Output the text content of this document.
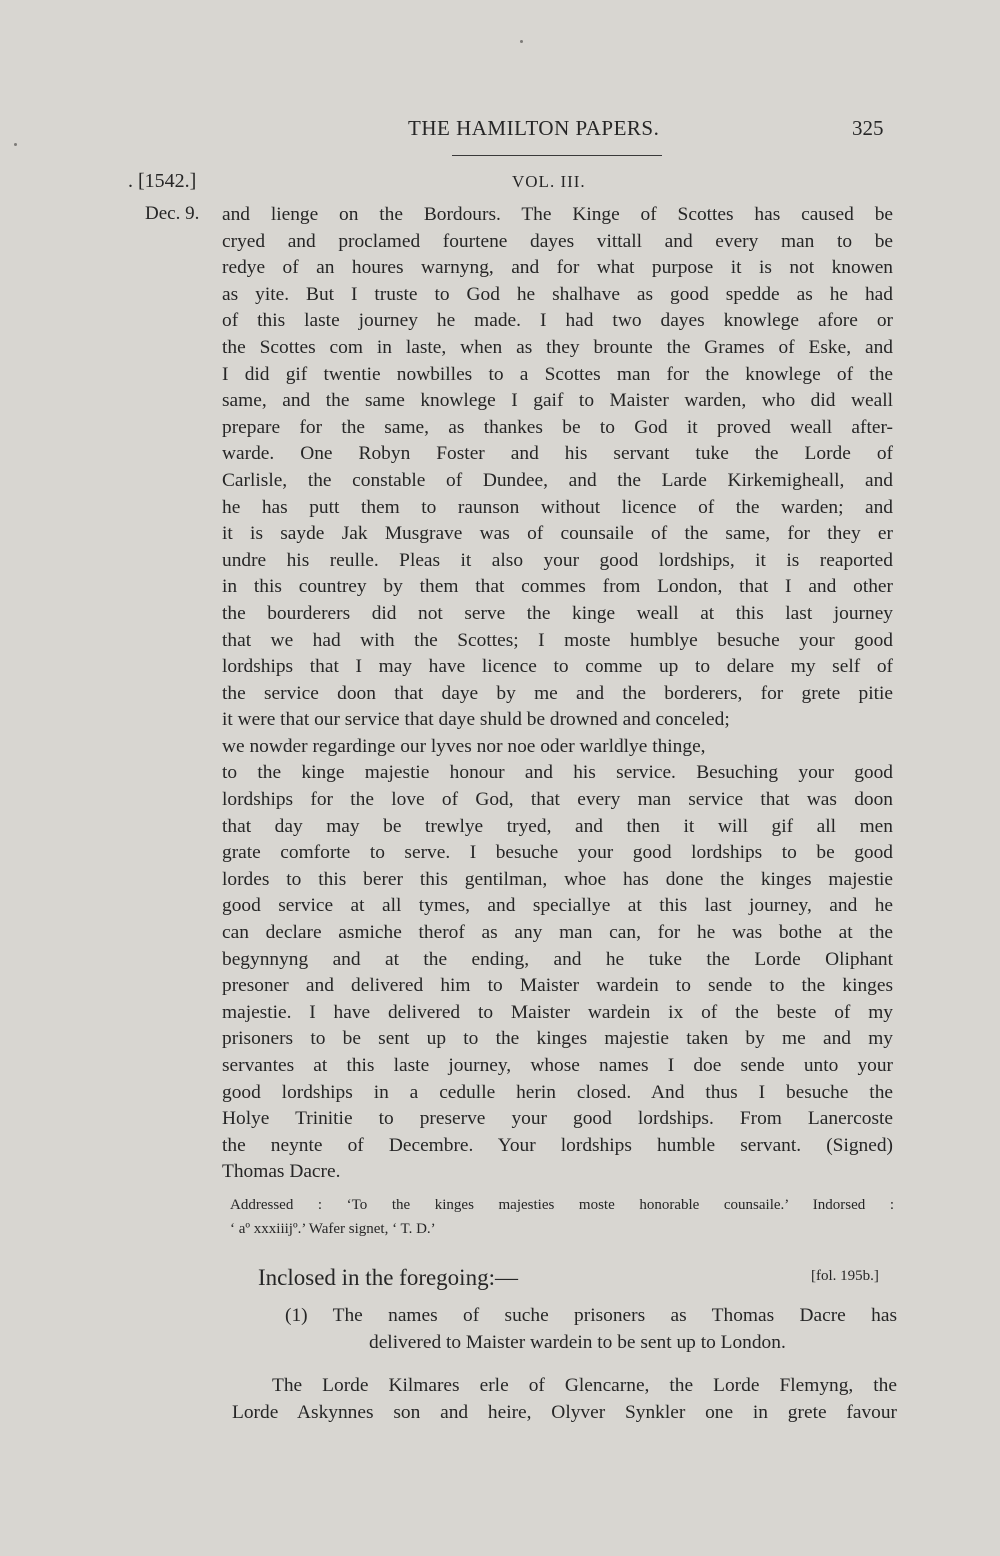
THE HAMILTON PAPERS.	325
. [1542.]	VOL. III.
Dec. 9. and lienge on the Bordours. The Kinge of Scottes has caused be
cryed and proclamed fourtene dayes vittall and every man to be
redye of an houres warnyng, and for what purpose it is not knowen
as yite. But I truste to God he shalhave as good spedde as he had
of this laste journey he made. I had two dayes knowlege afore or
the Scottes com in laste, when as they brounte the Grames of Eske, and
I did gif twentie nowbilles to a Scottes man for the knowlege of the
same, and the same knowlege I gaif to Maister warden, who did weall
prepare for the same, as thankes be to God it proved weall after-
warde. One Robyn Foster and his servant tuke the Lorde of
Carlisle, the constable of Dundee, and the Larde Kirkemigheall, and
he has putt them to raunson without licence of the warden; and
it is sayde Jak Musgrave was of counsaile of the same, for they er
undre his reulle. Pleas it also your good lordships, it is reaported
in this countrey by them that commes from London, that I and other
the bourderers did not serve the kinge weall at this last journey
that we had with the Scottes; I moste humblye besuche your good
lordships that I may have licence to comme up to delare my self of
the service doon that daye by me and the borderers, for grete pitie
it were that our service that daye shuld be drowned and conceled;
we nowder regardinge our lyves nor noe oder warldlye thinge,
to the kinge majestie honour and his service. Besuching your good
lordships for the love of God, that every man service that was doon
that day may be trewlye tryed, and then it will gif all men
grate comforte to serve. I besuche your good lordships to be good
lordes to this berer this gentilman, whoe has done the kinges majestie
good service at all tymes, and speciallye at this last journey, and he
can declare asmiche therof as any man can, for he was bothe at the
begynnyng and at the ending, and he tuke the Lorde Oliphant
presoner and delivered him to Maister wardein to sende to the kinges
majestie. I have delivered to Maister wardein ix of the beste of my
prisoners to be sent up to the kinges majestie taken by me and my
servantes at this laste journey, whose names I doe sende unto your
good lordships in a cedulle herin closed. And thus I besuche the
Holye Trinitie to preserve your good lordships. From Lanercoste
the neynte of Decembre. Your lordships humble servant. (Signed)
Thomas Dacre.
Addressed : ‘To the kinges majesties moste honorable counsaile.’ Indorsed :
‘ aº xxxiiijº.’ Wafer signet, ‘ T. D.’
Inclosed in the foregoing:—	[fol. 195b.]
(1) The names of suche prisoners as Thomas Dacre has
delivered to Maister wardein to be sent up to London.
The Lorde Kilmares erle of Glencarne, the Lorde Flemyng, the
Lorde Askynnes son and heire, Olyver Synkler one in grete favour
